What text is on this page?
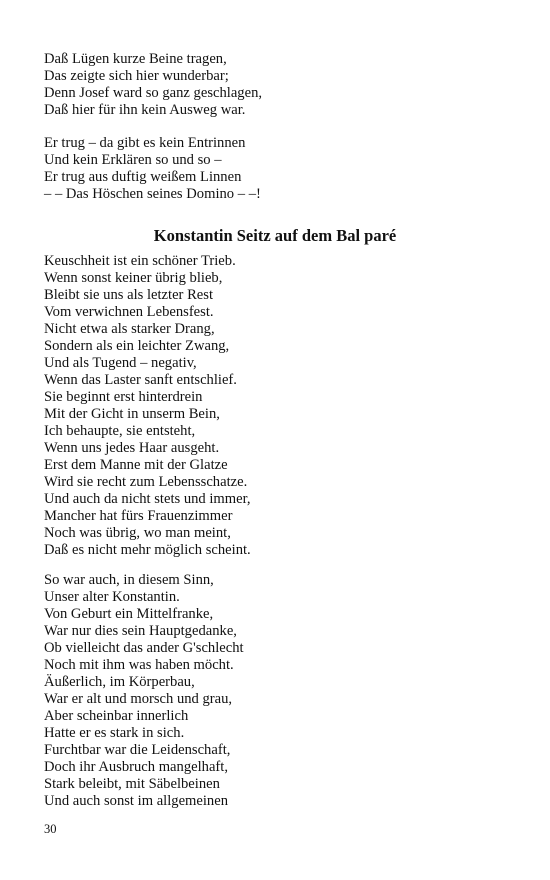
Daß Lügen kurze Beine tragen,
Das zeigte sich hier wunderbar;
Denn Josef ward so ganz geschlagen,
Daß hier für ihn kein Ausweg war.
Er trug – da gibt es kein Entrinnen
Und kein Erklären so und so –
Er trug aus duftig weißem Linnen
– – Das Höschen seines Domino – –!
Konstantin Seitz auf dem Bal paré
Keuschheit ist ein schöner Trieb.
Wenn sonst keiner übrig blieb,
Bleibt sie uns als letzter Rest
Vom verwichnen Lebensfest.
Nicht etwa als starker Drang,
Sondern als ein leichter Zwang,
Und als Tugend – negativ,
Wenn das Laster sanft entschlief.
Sie beginnt erst hinterdrein
Mit der Gicht in unserm Bein,
Ich behaupte, sie entsteht,
Wenn uns jedes Haar ausgeht.
Erst dem Manne mit der Glatze
Wird sie recht zum Lebensschatze.
Und auch da nicht stets und immer,
Mancher hat fürs Frauenzimmer
Noch was übrig, wo man meint,
Daß es nicht mehr möglich scheint.
So war auch, in diesem Sinn,
Unser alter Konstantin.
Von Geburt ein Mittelfranke,
War nur dies sein Hauptgedanke,
Ob vielleicht das ander G'schlecht
Noch mit ihm was haben möcht.
Äußerlich, im Körperbau,
War er alt und morsch und grau,
Aber scheinbar innerlich
Hatte er es stark in sich.
Furchtbar war die Leidenschaft,
Doch ihr Ausbruch mangelhaft,
Stark beleibt, mit Säbelbeinen
Und auch sonst im allgemeinen
30
